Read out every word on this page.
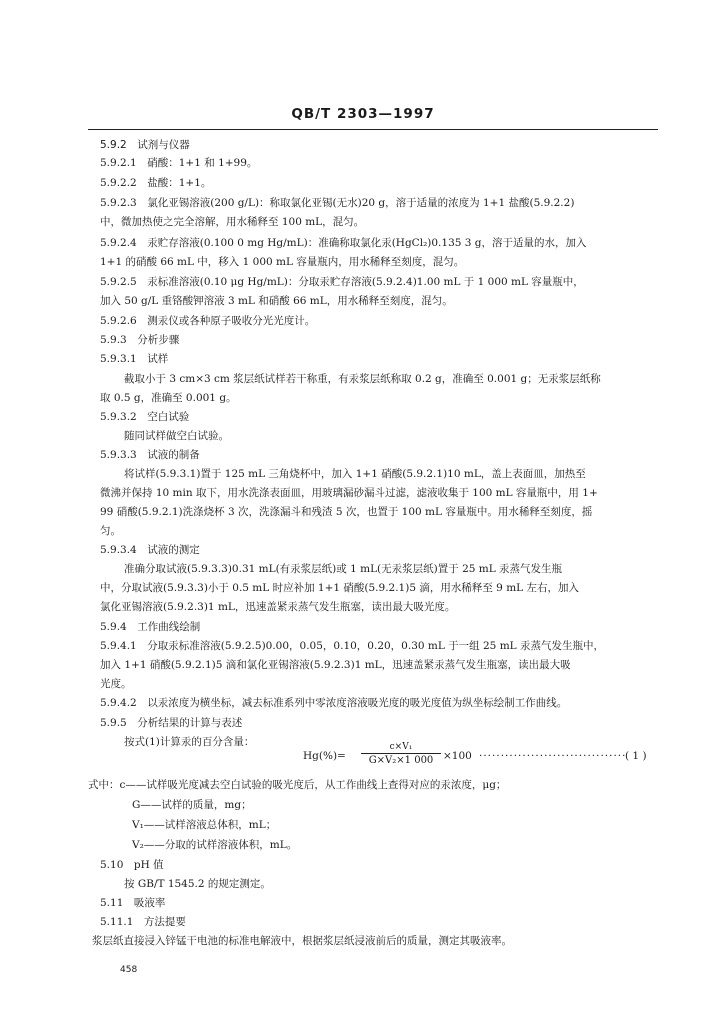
QB/T 2303—1997
5.9.2　试剂与仪器
5.9.2.1　硝酸：1+1 和 1+99。
5.9.2.2　盐酸：1+1。
5.9.2.3　氯化亚锡溶液(200 g/L)：称取氯化亚锡(无水)20 g，溶于适量的浓度为 1+1 盐酸(5.9.2.2)
中，微加热使之完全溶解，用水稀释至 100 mL，混匀。
5.9.2.4　汞贮存溶液(0.100 0 mg Hg/mL)：准确称取氯化汞(HgCl₂)0.135 3 g，溶于适量的水，加入
1+1 的硝酸 66 mL 中，移入 1 000 mL 容量瓶内，用水稀释至刻度，混匀。
5.9.2.5　汞标准溶液(0.10 μg Hg/mL)：分取汞贮存溶液(5.9.2.4)1.00 mL 于 1 000 mL 容量瓶中，
加入 50 g/L 重铬酸钾溶液 3 mL 和硝酸 66 mL，用水稀释至刻度，混匀。
5.9.2.6　测汞仪或各种原子吸收分光光度计。
5.9.3　分析步骤
5.9.3.1　试样
截取小于 3 cm×3 cm 浆层纸试样若干称重，有汞浆层纸称取 0.2 g，准确至 0.001 g；无汞浆层纸称
取 0.5 g，准确至 0.001 g。
5.9.3.2　空白试验
随同试样做空白试验。
5.9.3.3　试液的制备
将试样(5.9.3.1)置于 125 mL 三角烧杯中，加入 1+1 硝酸(5.9.2.1)10 mL，盖上表面皿，加热至
微沸并保持 10 min 取下，用水洗涤表面皿，用玻璃漏砂漏斗过滤，滤液收集于 100 mL 容量瓶中，用 1+
99 硝酸(5.9.2.1)洗涤烧杯 3 次，洗涤漏斗和残渣 5 次，也置于 100 mL 容量瓶中。用水稀释至刻度，摇
匀。
5.9.3.4　试液的测定
准确分取试液(5.9.3.3)0.31 mL(有汞浆层纸)或 1 mL(无汞浆层纸)置于 25 mL 汞蒸气发生瓶
中，分取试液(5.9.3.3)小于 0.5 mL 时应补加 1+1 硝酸(5.9.2.1)5 滴，用水稀释至 9 mL 左右，加入
氯化亚锡溶液(5.9.2.3)1 mL，迅速盖紧汞蒸气发生瓶塞，读出最大吸光度。
5.9.4　工作曲线绘制
5.9.4.1　分取汞标准溶液(5.9.2.5)0.00，0.05，0.10，0.20，0.30 mL 于一组 25 mL 汞蒸气发生瓶中，
加入 1+1 硝酸(5.9.2.1)5 滴和氯化亚锡溶液(5.9.2.3)1 mL，迅速盖紧汞蒸气发生瓶塞，读出最大吸
光度。
5.9.4.2　以汞浓度为横坐标，减去标准系列中零浓度溶液吸光度的吸光度值为纵坐标绘制工作曲线。
5.9.5　分析结果的计算与表述
按式(1)计算汞的百分含量：
Hg(%)=
c×V₁
G×V₂×1 000 ×100 ··································
( 1 )
式中：c——试样吸光度减去空白试验的吸光度后，从工作曲线上查得对应的汞浓度，μg；
G——试样的质量，mg；
V₁——试样溶液总体积，mL；
V₂——分取的试样溶液体积，mL。
5.10　pH 值
按 GB/T 1545.2 的规定测定。
5.11　吸液率
5.11.1　方法提要
浆层纸直接浸入锌锰干电池的标准电解液中，根据浆层纸浸液前后的质量，测定其吸液率。
458
